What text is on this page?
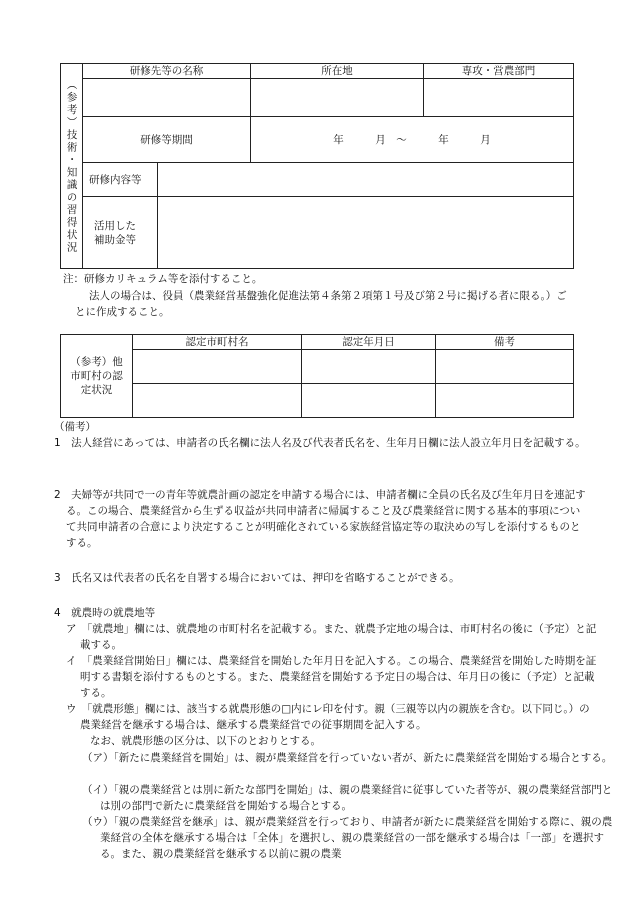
（参考）技術・知識の習得状況	研修先等の名称		所在地	専攻・営農部門

	研修等期間		年　　　月　〜　　　年　　　月	
	研修内容等			

	活用した補助金等			

注：研修カリキュラム等を添付すること。
法人の場合は、役員（農業経営基盤強化促進法第４条第２項第１号及び第２号に掲げる者に限る。）ごとに作成すること。
（参考）他市町村の認定状況	認定市町村名	認定年月日	備考

（備考）
1　法人経営にあっては、申請者の氏名欄に法人名及び代表者氏名を、生年月日欄に法人設立年月日を記載する。
2　夫婦等が共同で一の青年等就農計画の認定を申請する場合には、申請者欄に全員の氏名及び生年月日を連記する。この場合、農業経営から生ずる収益が共同申請者に帰属すること及び農業経営に関する基本的事項について共同申請者の合意により決定することが明確化されている家族経営協定等の取決めの写しを添付するものとする。
3　氏名又は代表者の氏名を自署する場合においては、押印を省略することができる。
4　就農時の就農地等
ア　「就農地」欄には、就農地の市町村名を記載する。また、就農予定地の場合は、市町村名の後に（予定）と記載する。
イ　「農業経営開始日」欄には、農業経営を開始した年月日を記入する。この場合、農業経営を開始した時期を証明する書類を添付するものとする。また、農業経営を開始する予定日の場合は、年月日の後に（予定）と記載する。
ウ　「就農形態」欄には、該当する就農形態の□内にレ印を付す。親（三親等以内の親族を含む。以下同じ。）の農業経営を継承する場合は、継承する農業経営での従事期間を記入する。
なお、就農形態の区分は、以下のとおりとする。
（ア）「新たに農業経営を開始」は、親が農業経営を行っていない者が、新たに農業経営を開始する場合とする。
（イ）「親の農業経営とは別に新たな部門を開始」は、親の農業経営に従事していた者等が、親の農業経営部門とは別の部門で新たに農業経営を開始する場合とする。
（ウ）「親の農業経営を継承」は、親が農業経営を行っており、申請者が新たに農業経営を開始する際に、親の農業経営の全体を継承する場合は「全体」を選択し、親の農業経営の一部を継承する場合は「一部」を選択する。また、親の農業経営を継承する以前に親の農業
